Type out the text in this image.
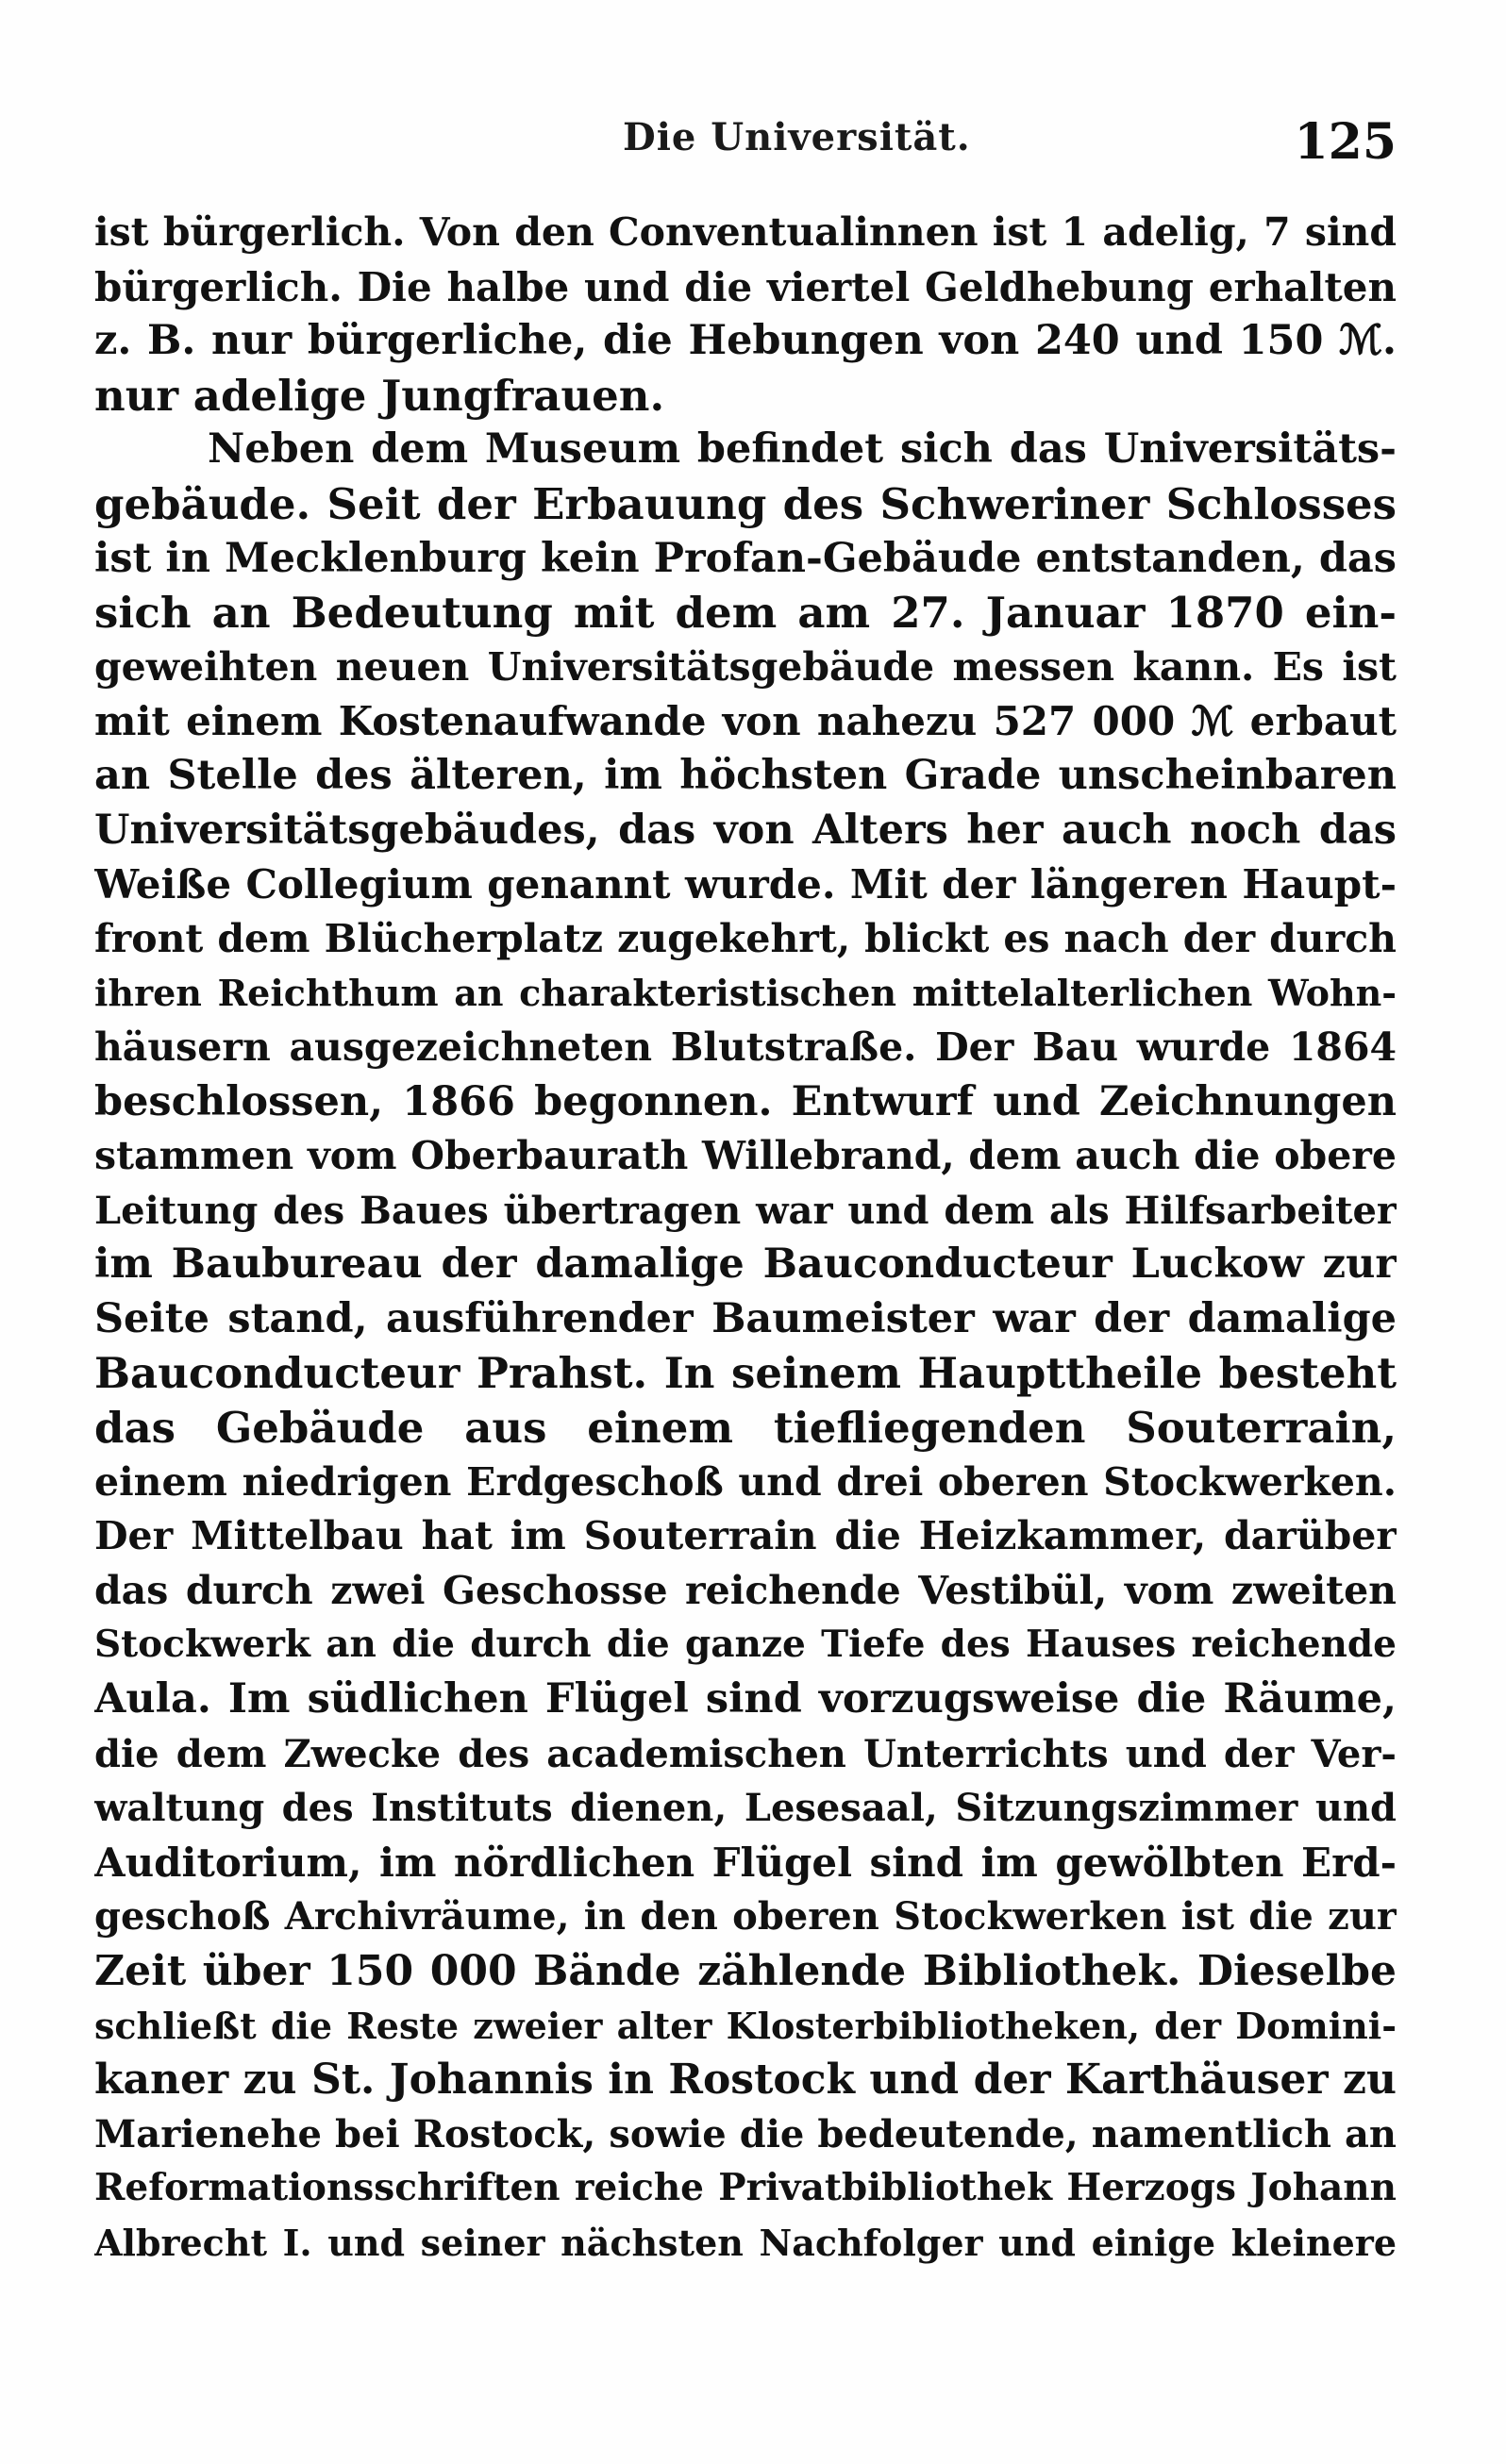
Die Universität.	125
ist bürgerlich. Von den Conventualinnen ist 1 adelig, 7 sind
bürgerlich. Die halbe und die viertel Geldhebung erhalten
z. B. nur bürgerliche, die Hebungen von 240 und 150 ℳ.
nur adelige Jungfrauen.
Neben dem Museum befindet sich das Universitäts-
gebäude. Seit der Erbauung des Schweriner Schlosses
ist in Mecklenburg kein Profan-Gebäude entstanden, das
sich an Bedeutung mit dem am 27. Januar 1870 ein-
geweihten neuen Universitätsgebäude messen kann. Es ist
mit einem Kostenaufwande von nahezu 527 000 ℳ erbaut
an Stelle des älteren, im höchsten Grade unscheinbaren
Universitätsgebäudes, das von Alters her auch noch das
Weiße Collegium genannt wurde. Mit der längeren Haupt-
front dem Blücherplatz zugekehrt, blickt es nach der durch
ihren Reichthum an charakteristischen mittelalterlichen Wohn-
häusern ausgezeichneten Blutstraße. Der Bau wurde 1864
beschlossen, 1866 begonnen. Entwurf und Zeichnungen
stammen vom Oberbaurath Willebrand, dem auch die obere
Leitung des Baues übertragen war und dem als Hilfsarbeiter
im Baubureau der damalige Bauconducteur Luckow zur
Seite stand, ausführender Baumeister war der damalige
Bauconducteur Prahst. In seinem Haupttheile besteht
das Gebäude aus einem tiefliegenden Souterrain,
einem niedrigen Erdgeschoß und drei oberen Stockwerken.
Der Mittelbau hat im Souterrain die Heizkammer, darüber
das durch zwei Geschosse reichende Vestibül, vom zweiten
Stockwerk an die durch die ganze Tiefe des Hauses reichende
Aula. Im südlichen Flügel sind vorzugsweise die Räume,
die dem Zwecke des academischen Unterrichts und der Ver-
waltung des Instituts dienen, Lesesaal, Sitzungszimmer und
Auditorium, im nördlichen Flügel sind im gewölbten Erd-
geschoß Archivräume, in den oberen Stockwerken ist die zur
Zeit über 150 000 Bände zählende Bibliothek. Dieselbe
schließt die Reste zweier alter Klosterbibliotheken, der Domini-
kaner zu St. Johannis in Rostock und der Karthäuser zu
Marienehe bei Rostock, sowie die bedeutende, namentlich an
Reformationsschriften reiche Privatbibliothek Herzogs Johann
Albrecht I. und seiner nächsten Nachfolger und einige kleinere
